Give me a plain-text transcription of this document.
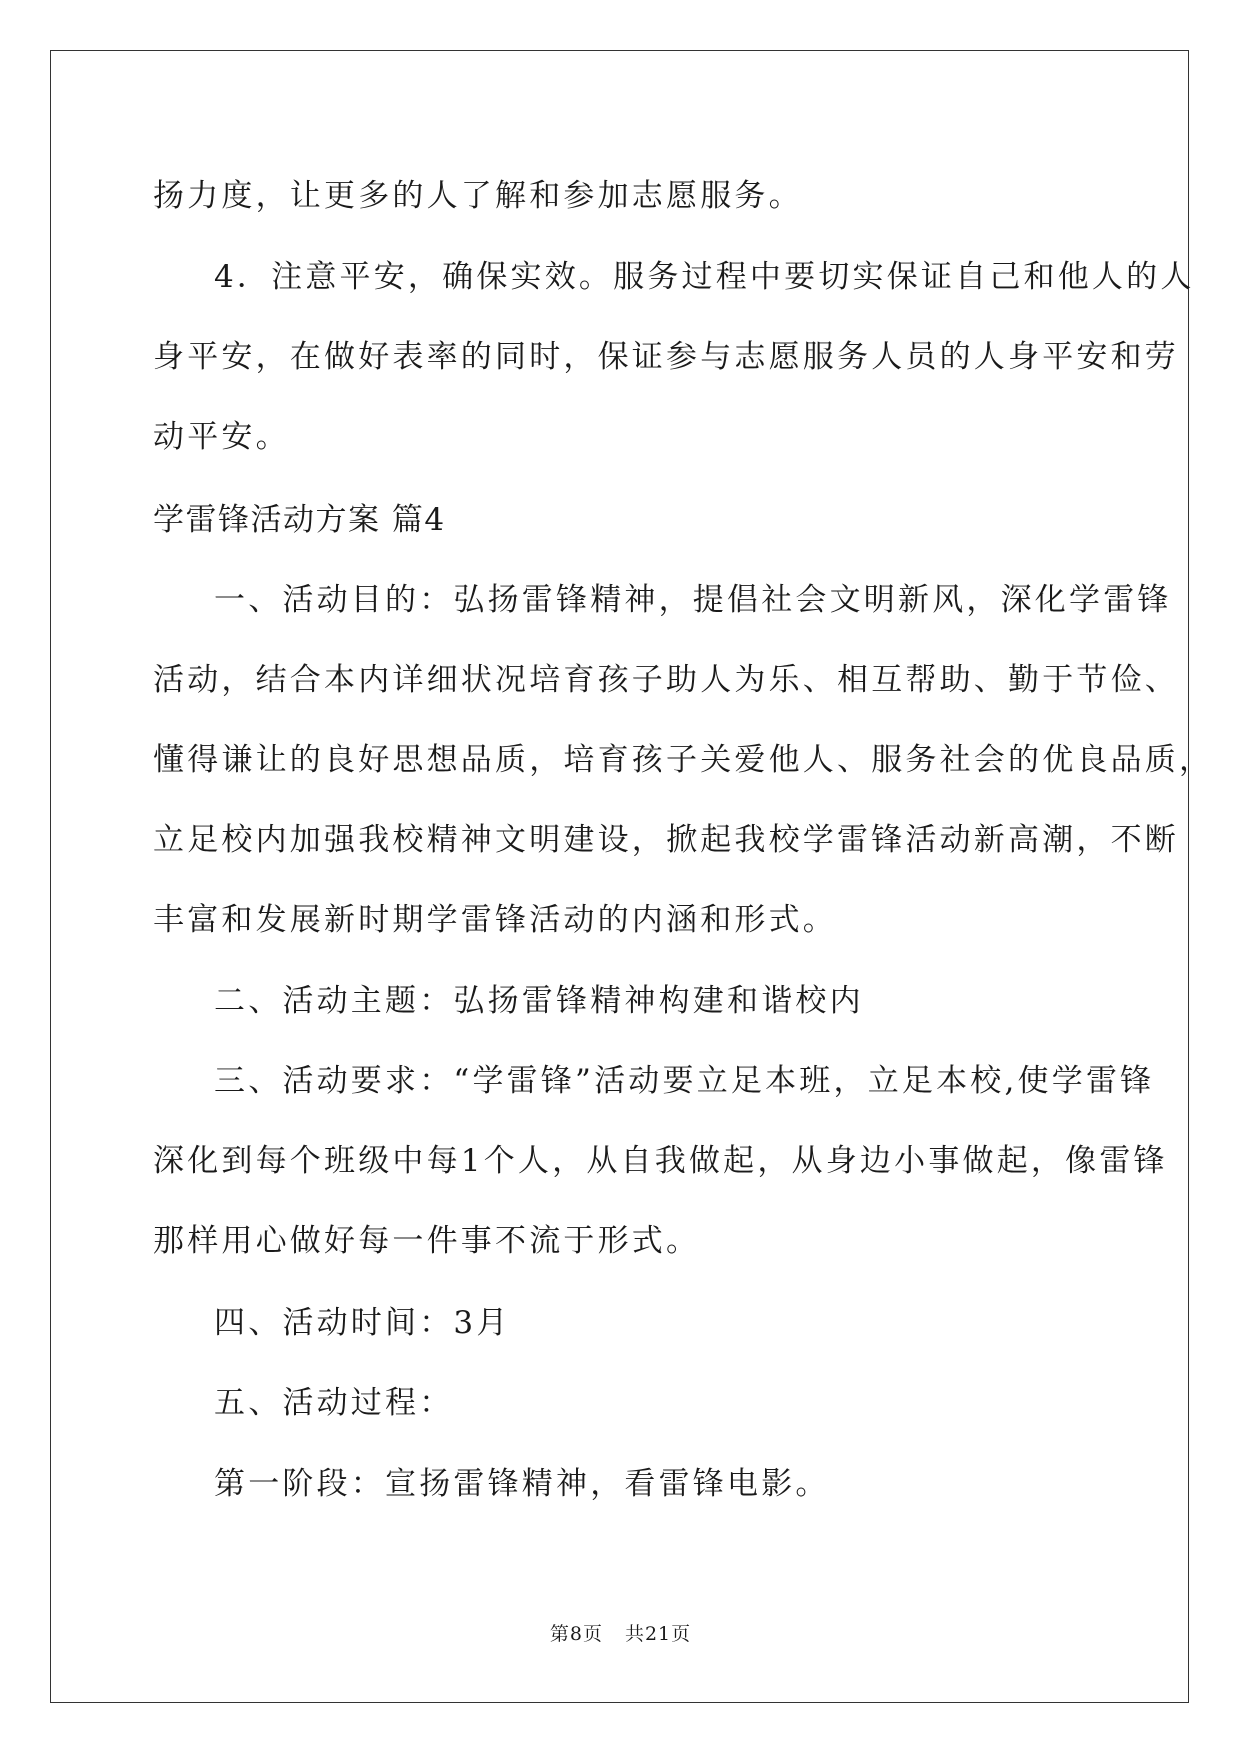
扬力度，让更多的人了解和参加志愿服务。
4．注意平安，确保实效。服务过程中要切实保证自己和他人的人
身平安，在做好表率的同时，保证参与志愿服务人员的人身平安和劳
动平安。
学雷锋活动方案 篇4
一、活动目的：弘扬雷锋精神，提倡社会文明新风，深化学雷锋
活动，结合本内详细状况培育孩子助人为乐、相互帮助、勤于节俭、
懂得谦让的良好思想品质，培育孩子关爱他人、服务社会的优良品质，
立足校内加强我校精神文明建设，掀起我校学雷锋活动新高潮，不断
丰富和发展新时期学雷锋活动的内涵和形式。
二、活动主题：弘扬雷锋精神构建和谐校内
三、活动要求：“学雷锋”活动要立足本班，立足本校,使学雷锋
深化到每个班级中每1个人，从自我做起，从身边小事做起，像雷锋
那样用心做好每一件事不流于形式。
四、活动时间：3月
五、活动过程：
第一阶段：宣扬雷锋精神，看雷锋电影。
第8页 共21页
